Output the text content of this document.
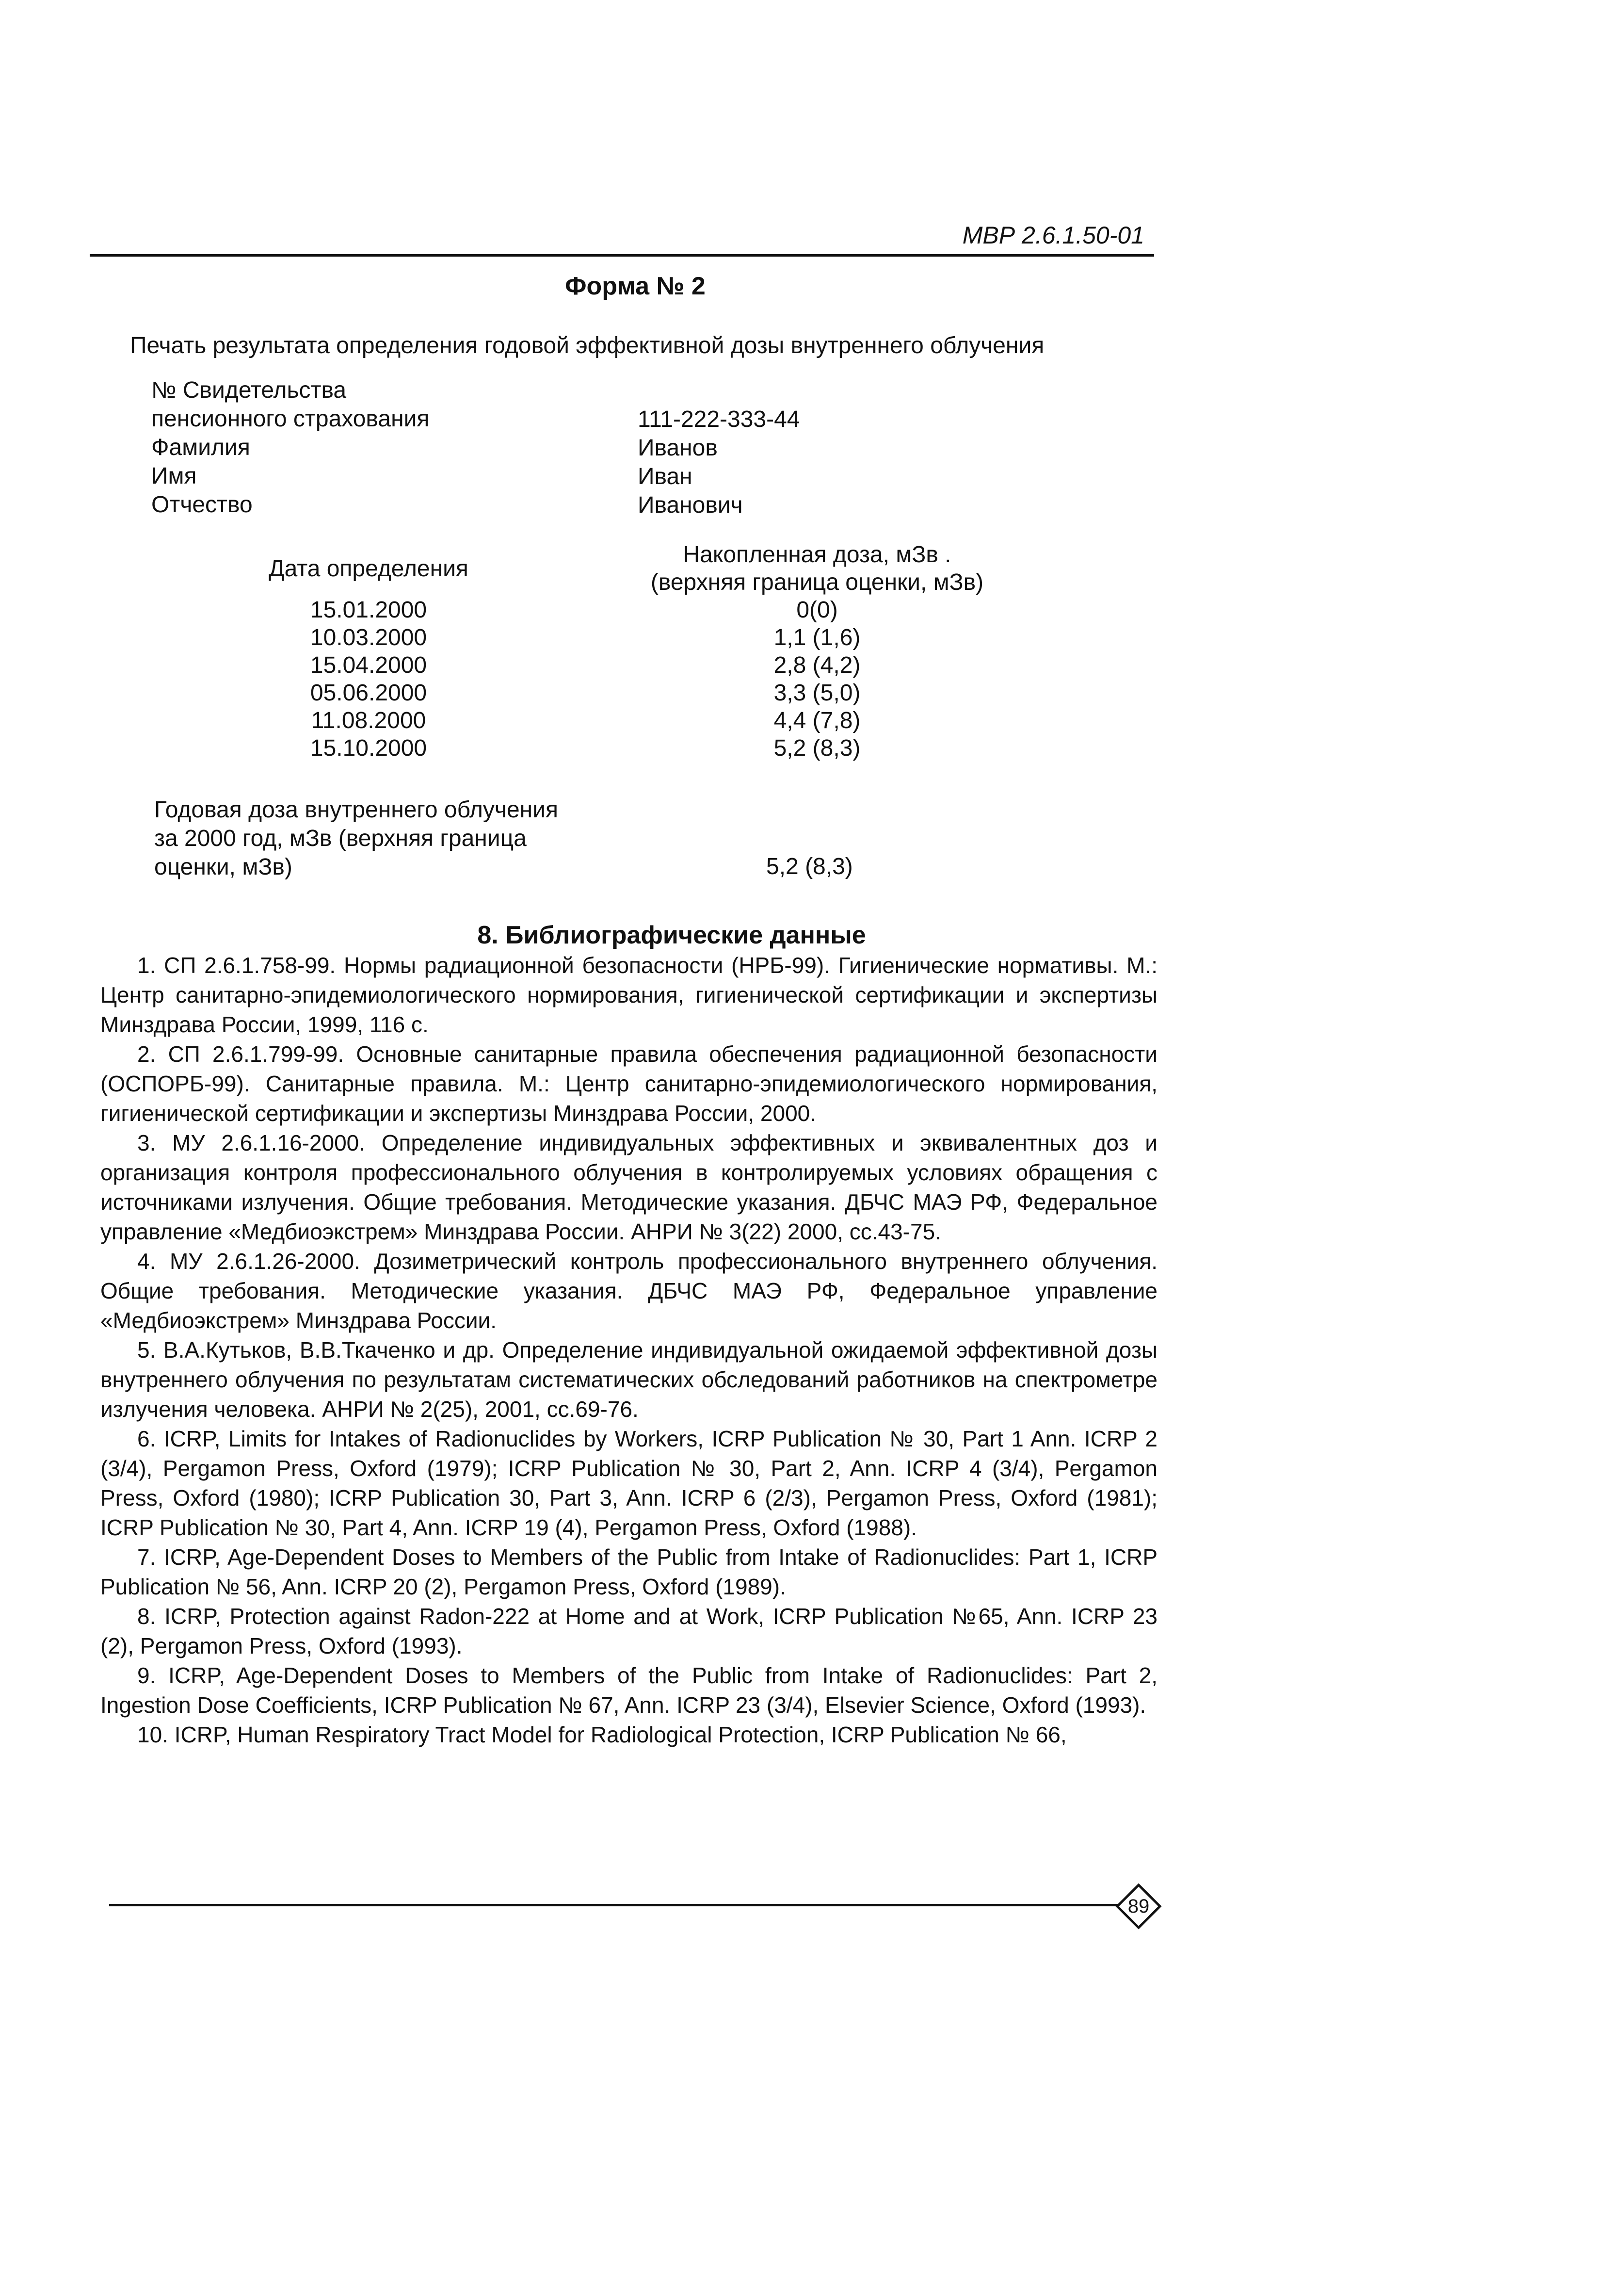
МВР 2.6.1.50-01
Форма № 2
Печать результата определения годовой эффективной дозы внутреннего облучения
№ Свидетельства
пенсионного страхования
Фамилия
Имя
Отчество
111-222-333-44
Иванов
Иван
Иванович
Дата определения
15.01.2000
10.03.2000
15.04.2000
05.06.2000
11.08.2000
15.10.2000
Накопленная доза, мЗв .
(верхняя граница оценки, мЗв)
0(0)
1,1 (1,6)
2,8 (4,2)
3,3 (5,0)
4,4 (7,8)
5,2 (8,3)
Годовая доза внутреннего облучения
за 2000 год, мЗв (верхняя граница
оценки, мЗв)	5,2 (8,3)
8. Библиографические данные

1. СП 2.6.1.758-99. Нормы радиационной безопасности (НРБ-99). Гигиенические нормативы. М.: Центр санитарно-эпидемиологического нормирования, гигиенической сертификации и экспертизы Минздрава России, 1999, 116 с.

2. СП 2.6.1.799-99. Основные санитарные правила обеспечения радиационной безопасности (ОСПОРБ-99). Санитарные правила. М.: Центр санитарно-эпидемиологического нормирования, гигиенической сертификации и экспертизы Минздрава России, 2000.

3. МУ 2.6.1.16-2000. Определение индивидуальных эффективных и эквивалентных доз и организация контроля профессионального облучения в контролируемых условиях обращения с источниками излучения. Общие требования. Методические указания. ДБЧС МАЭ РФ, Федеральное управление «Медбиоэкстрем» Минздрава России. АНРИ № 3(22) 2000, сс.43-75.

4. МУ 2.6.1.26-2000. Дозиметрический контроль профессионального внутреннего облучения. Общие требования. Методические указания. ДБЧС МАЭ РФ, Федеральное управление «Медбиоэкстрем» Минздрава России.

5. В.А.Кутьков, В.В.Ткаченко и др. Определение индивидуальной ожидаемой эффективной дозы внутреннего облучения по результатам систематических обследований работников на спектрометре излучения человека. АНРИ № 2(25), 2001, сс.69-76.

6. ICRP, Limits for Intakes of Radionuclides by Workers, ICRP Publication № 30, Part 1 Ann. ICRP 2 (3/4), Pergamon Press, Oxford (1979); ICRP Publication № 30, Part 2, Ann. ICRP 4 (3/4), Pergamon Press, Oxford (1980); ICRP Publication 30, Part 3, Ann. ICRP 6 (2/3), Pergamon Press, Oxford (1981); ICRP Publication № 30, Part 4, Ann. ICRP 19 (4), Pergamon Press, Oxford (1988).

7. ICRP, Age-Dependent Doses to Members of the Public from Intake of Radionuclides: Part 1, ICRP Publication № 56, Ann. ICRP 20 (2), Pergamon Press, Oxford (1989).

8. ICRP, Protection against Radon-222 at Home and at Work, ICRP Publication №65, Ann. ICRP 23 (2), Pergamon Press, Oxford (1993).

9. ICRP, Age-Dependent Doses to Members of the Public from Intake of Radionuclides: Part 2, Ingestion Dose Coefficients, ICRP Publication № 67, Ann. ICRP 23 (3/4), Elsevier Science, Oxford (1993).

10. ICRP, Human Respiratory Tract Model for Radiological Protection, ICRP Publication № 66,

89
